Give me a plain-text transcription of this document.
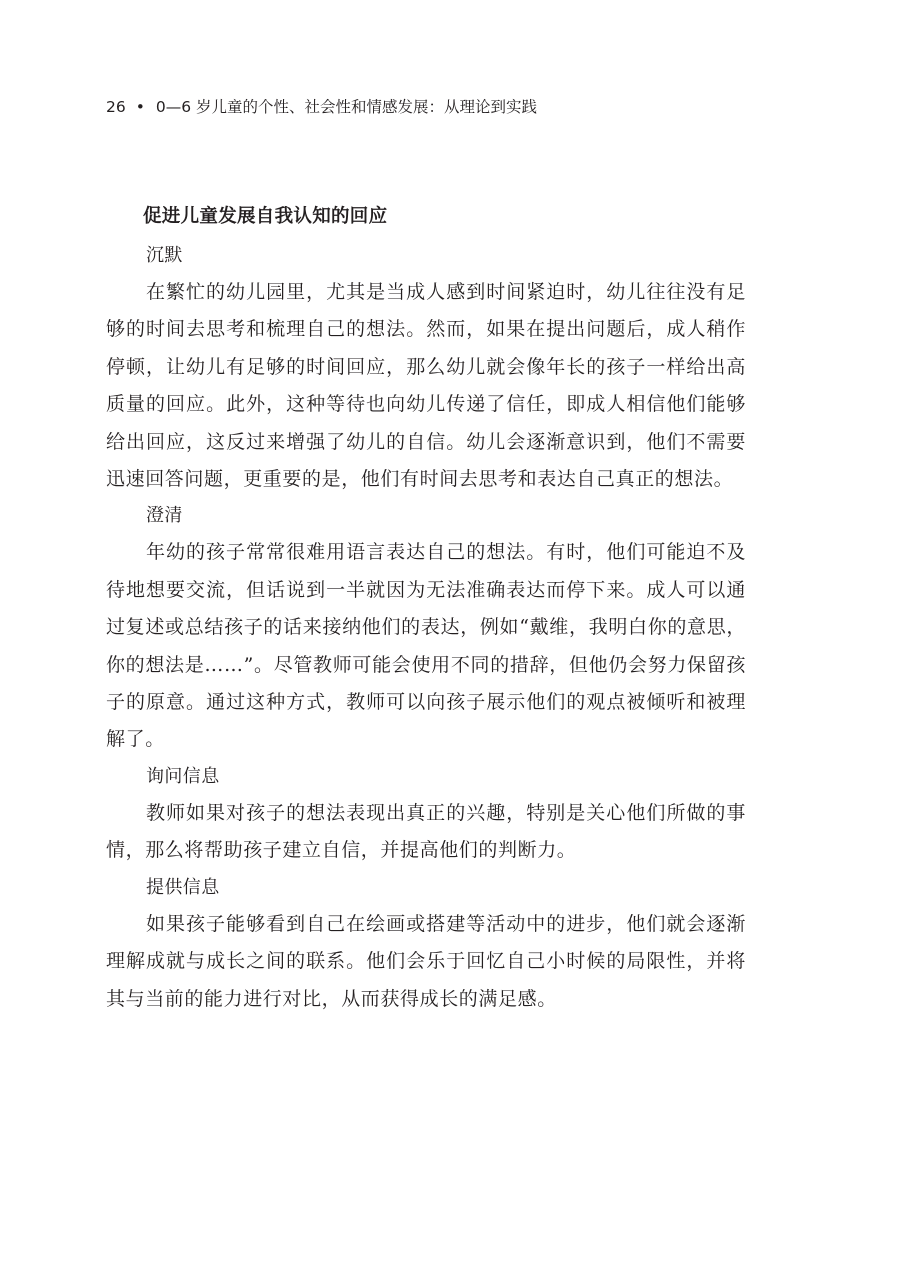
26 • 0—6 岁儿童的个性、社会性和情感发展：从理论到实践
促进儿童发展自我认知的回应
沉默

在繁忙的幼儿园里，尤其是当成人感到时间紧迫时，幼儿往往没有足够的时间去思考和梳理自己的想法。然而，如果在提出问题后，成人稍作停顿，让幼儿有足够的时间回应，那么幼儿就会像年长的孩子一样给出高质量的回应。此外，这种等待也向幼儿传递了信任，即成人相信他们能够给出回应，这反过来增强了幼儿的自信。幼儿会逐渐意识到，他们不需要迅速回答问题，更重要的是，他们有时间去思考和表达自己真正的想法。

澄清

年幼的孩子常常很难用语言表达自己的想法。有时，他们可能迫不及待地想要交流，但话说到一半就因为无法准确表达而停下来。成人可以通过复述或总结孩子的话来接纳他们的表达，例如“戴维，我明白你的意思，你的想法是……”。尽管教师可能会使用不同的措辞，但他仍会努力保留孩子的原意。通过这种方式，教师可以向孩子展示他们的观点被倾听和被理解了。

询问信息

教师如果对孩子的想法表现出真正的兴趣，特别是关心他们所做的事情，那么将帮助孩子建立自信，并提高他们的判断力。

提供信息

如果孩子能够看到自己在绘画或搭建等活动中的进步，他们就会逐渐理解成就与成长之间的联系。他们会乐于回忆自己小时候的局限性，并将其与当前的能力进行对比，从而获得成长的满足感。
